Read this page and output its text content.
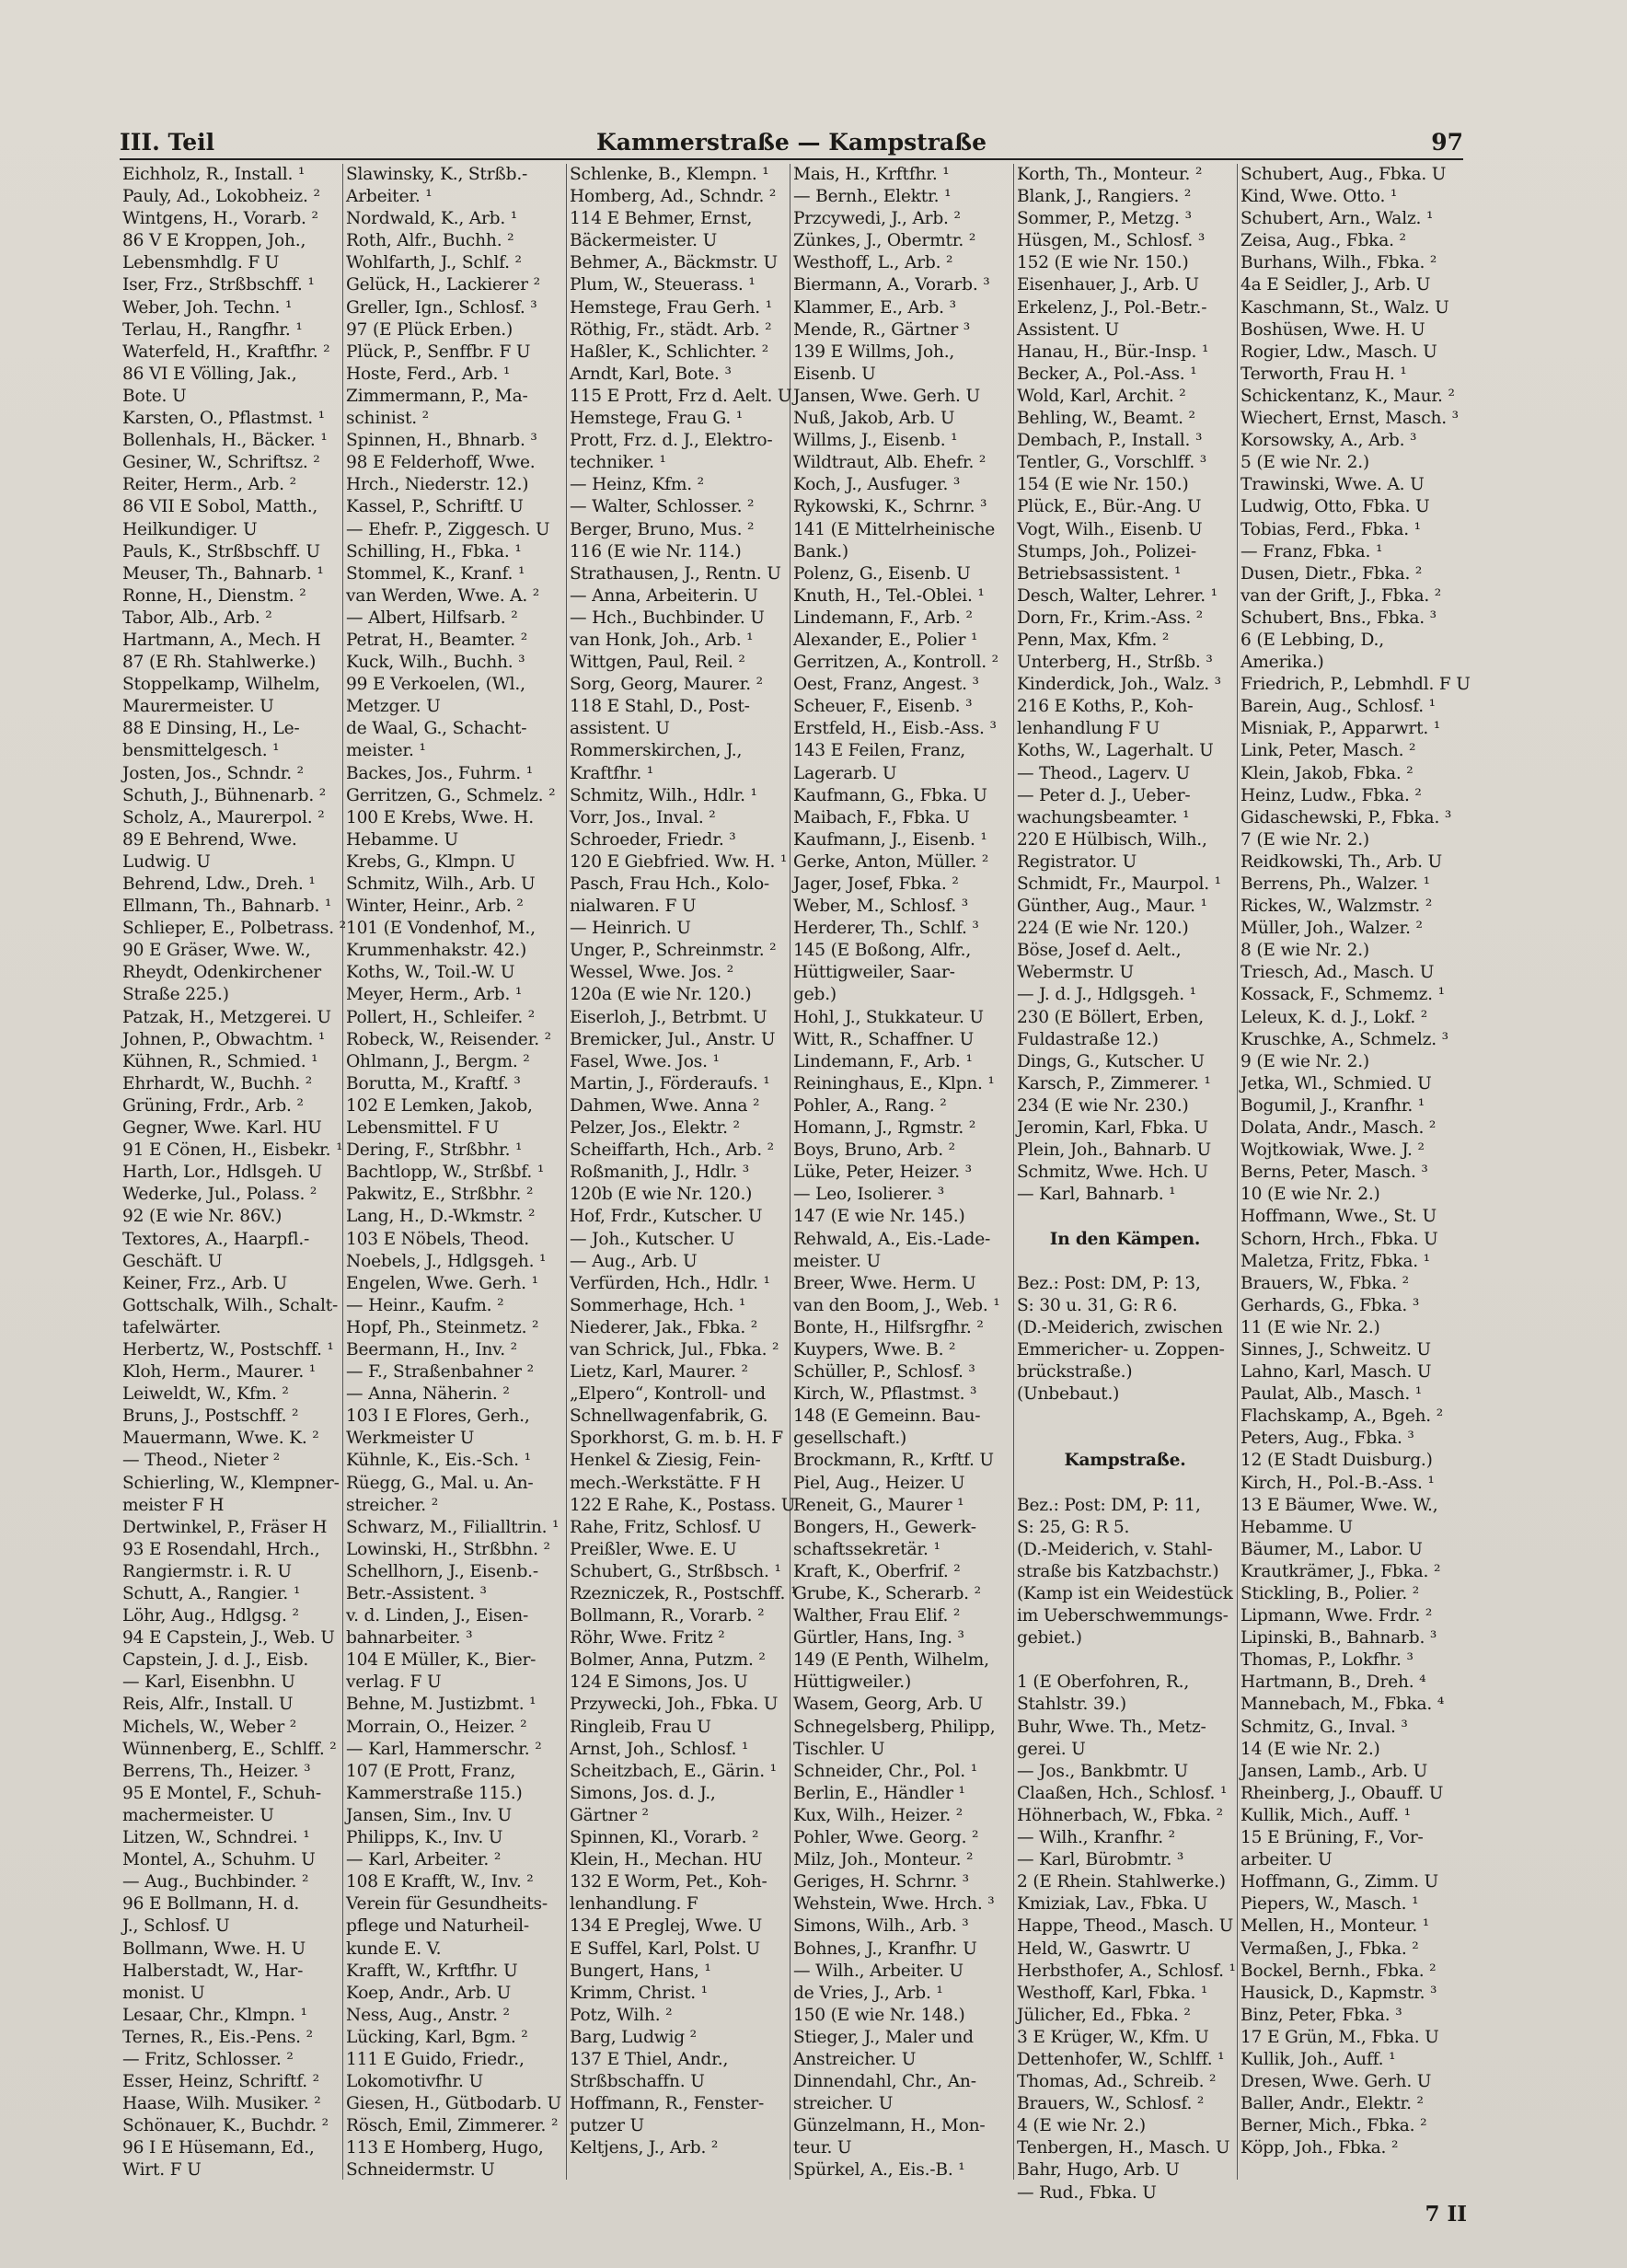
III. Teil	Kammerstraße — Kampstraße	97
Eichholz, R., Install. ¹
Pauly, Ad., Lokobheiz. ²
Wintgens, H., Vorarb. ²
86 V E Kroppen, Joh.,
Lebensmhdlg. F U
Iser, Frz., Strßbschff. ¹
Weber, Joh. Techn. ¹
Terlau, H., Rangfhr. ¹
Waterfeld, H., Kraftfhr. ²
86 VI E Völling, Jak.,
Bote. U
Karsten, O., Pflastmst. ¹
Bollenhals, H., Bäcker. ¹
Gesiner, W., Schriftsz. ²
Reiter, Herm., Arb. ²
86 VII E Sobol, Matth.,
Heilkundiger. U
Pauls, K., Strßbschff. U
Meuser, Th., Bahnarb. ¹
Ronne, H., Dienstm. ²
Tabor, Alb., Arb. ²
Hartmann, A., Mech. H
87 (E Rh. Stahlwerke.)
Stoppelkamp, Wilhelm,
Maurermeister. U
88 E Dinsing, H., Le-
bensmittelgesch. ¹
Josten, Jos., Schndr. ²
Schuth, J., Bühnenarb. ²
Scholz, A., Maurerpol. ²
89 E Behrend, Wwe.
Ludwig. U
Behrend, Ldw., Dreh. ¹
Ellmann, Th., Bahnarb. ¹
Schlieper, E., Polbetrass. ²
90 E Gräser, Wwe. W.,
Rheydt, Odenkirchener
Straße 225.)
Patzak, H., Metzgerei. U
Johnen, P., Obwachtm. ¹
Kühnen, R., Schmied. ¹
Ehrhardt, W., Buchh. ²
Grüning, Frdr., Arb. ²
Gegner, Wwe. Karl. HU
91 E Cönen, H., Eisbekr. ¹
Harth, Lor., Hdlsgeh. U
Wederke, Jul., Polass. ²
92 (E wie Nr. 86V.)
Textores, A., Haarpfl.-
Geschäft. U
Keiner, Frz., Arb. U
Gottschalk, Wilh., Schalt-
tafelwärter.
Herbertz, W., Postschff. ¹
Kloh, Herm., Maurer. ¹
Leiweldt, W., Kfm. ²
Bruns, J., Postschff. ²
Mauermann, Wwe. K. ²
— Theod., Nieter ²
Schierling, W., Klempner-
meister F H
Dertwinkel, P., Fräser H
93 E Rosendahl, Hrch.,
Rangiermstr. i. R. U
Schutt, A., Rangier. ¹
Löhr, Aug., Hdlgsg. ²
94 E Capstein, J., Web. U
Capstein, J. d. J., Eisb.
— Karl, Eisenbhn. U
Reis, Alfr., Install. U
Michels, W., Weber ²
Wünnenberg, E., Schlff. ²
Berrens, Th., Heizer. ³
95 E Montel, F., Schuh-
machermeister. U
Litzen, W., Schndrei. ¹
Montel, A., Schuhm. U
— Aug., Buchbinder. ²
96 E Bollmann, H. d.
J., Schlosf. U
Bollmann, Wwe. H. U
Halberstadt, W., Har-
monist. U
Lesaar, Chr., Klmpn. ¹
Ternes, R., Eis.-Pens. ²
— Fritz, Schlosser. ²
Esser, Heinz, Schriftf. ²
Haase, Wilh. Musiker. ²
Schönauer, K., Buchdr. ²
96 I E Hüsemann, Ed.,
Wirt. F U
Slawinsky, K., Strßb.-
Arbeiter. ¹
Nordwald, K., Arb. ¹
Roth, Alfr., Buchh. ²
Wohlfarth, J., Schlf. ²
Gelück, H., Lackierer ²
Greller, Ign., Schlosf. ³
97 (E Plück Erben.)
Plück, P., Senffbr. F U
Hoste, Ferd., Arb. ¹
Zimmermann, P., Ma-
schinist. ²
Spinnen, H., Bhnarb. ³
98 E Felderhoff, Wwe.
Hrch., Niederstr. 12.)
Kassel, P., Schriftf. U
— Ehefr. P., Ziggesch. U
Schilling, H., Fbka. ¹
Stommel, K., Kranf. ¹
van Werden, Wwe. A. ²
— Albert, Hilfsarb. ²
Petrat, H., Beamter. ²
Kuck, Wilh., Buchh. ³
99 E Verkoelen, (Wl.,
Metzger. U
de Waal, G., Schacht-
meister. ¹
Backes, Jos., Fuhrm. ¹
Gerritzen, G., Schmelz. ²
100 E Krebs, Wwe. H.
Hebamme. U
Krebs, G., Klmpn. U
Schmitz, Wilh., Arb. U
Winter, Heinr., Arb. ²
101 (E Vondenhof, M.,
Krummenhakstr. 42.)
Koths, W., Toil.-W. U
Meyer, Herm., Arb. ¹
Pollert, H., Schleifer. ²
Robeck, W., Reisender. ²
Ohlmann, J., Bergm. ²
Borutta, M., Kraftf. ³
102 E Lemken, Jakob,
Lebensmittel. F U
Dering, F., Strßbhr. ¹
Bachtlopp, W., Strßbf. ¹
Pakwitz, E., Strßbhr. ²
Lang, H., D.-Wkmstr. ²
103 E Nöbels, Theod.
Noebels, J., Hdlgsgeh. ¹
Engelen, Wwe. Gerh. ¹
— Heinr., Kaufm. ²
Hopf, Ph., Steinmetz. ²
Beermann, H., Inv. ²
— F., Straßenbahner ²
— Anna, Näherin. ²
103 I E Flores, Gerh.,
Werkmeister U
Kühnle, K., Eis.-Sch. ¹
Rüegg, G., Mal. u. An-
streicher. ²
Schwarz, M., Filialltrin. ¹
Lowinski, H., Strßbhn. ²
Schellhorn, J., Eisenb.-
Betr.-Assistent. ³
v. d. Linden, J., Eisen-
bahnarbeiter. ³
104 E Müller, K., Bier-
verlag. F U
Behne, M. Justizbmt. ¹
Morrain, O., Heizer. ²
— Karl, Hammerschr. ²
107 (E Prott, Franz,
Kammerstraße 115.)
Jansen, Sim., Inv. U
Philipps, K., Inv. U
— Karl, Arbeiter. ²
108 E Krafft, W., Inv. ²
Verein für Gesundheits-
pflege und Naturheil-
kunde E. V.
Krafft, W., Krftfhr. U
Koep, Andr., Arb. U
Ness, Aug., Anstr. ²
Lücking, Karl, Bgm. ²
111 E Guido, Friedr.,
Lokomotivfhr. U
Giesen, H., Gütbodarb. U
Rösch, Emil, Zimmerer. ²
113 E Homberg, Hugo,
Schneidermstr. U
Schlenke, B., Klempn. ¹
Homberg, Ad., Schndr. ²
114 E Behmer, Ernst,
Bäckermeister. U
Behmer, A., Bäckmstr. U
Plum, W., Steuerass. ¹
Hemstege, Frau Gerh. ¹
Röthig, Fr., städt. Arb. ²
Haßler, K., Schlichter. ²
Arndt, Karl, Bote. ³
115 E Prott, Frz d. Aelt. U
Hemstege, Frau G. ¹
Prott, Frz. d. J., Elektro-
techniker. ¹
— Heinz, Kfm. ²
— Walter, Schlosser. ²
Berger, Bruno, Mus. ²
116 (E wie Nr. 114.)
Strathausen, J., Rentn. U
— Anna, Arbeiterin. U
— Hch., Buchbinder. U
van Honk, Joh., Arb. ¹
Wittgen, Paul, Reil. ²
Sorg, Georg, Maurer. ²
118 E Stahl, D., Post-
assistent. U
Rommerskirchen, J.,
Kraftfhr. ¹
Schmitz, Wilh., Hdlr. ¹
Vorr, Jos., Inval. ²
Schroeder, Friedr. ³
120 E Giebfried. Ww. H. ¹
Pasch, Frau Hch., Kolo-
nialwaren. F U
— Heinrich. U
Unger, P., Schreinmstr. ²
Wessel, Wwe. Jos. ²
120a (E wie Nr. 120.)
Eiserloh, J., Betrbmt. U
Bremicker, Jul., Anstr. U
Fasel, Wwe. Jos. ¹
Martin, J., Förderaufs. ¹
Dahmen, Wwe. Anna ²
Pelzer, Jos., Elektr. ²
Scheiffarth, Hch., Arb. ²
Roßmanith, J., Hdlr. ³
120b (E wie Nr. 120.)
Hof, Frdr., Kutscher. U
— Joh., Kutscher. U
— Aug., Arb. U
Verfürden, Hch., Hdlr. ¹
Sommerhage, Hch. ¹
Niederer, Jak., Fbka. ²
van Schrick, Jul., Fbka. ²
Lietz, Karl, Maurer. ²
„Elpero“, Kontroll- und
Schnellwagenfabrik, G.
Sporkhorst, G. m. b. H. F
Henkel & Ziesig, Fein-
mech.-Werkstätte. F H
122 E Rahe, K., Postass. U
Rahe, Fritz, Schlosf. U
Preißler, Wwe. E. U
Schubert, G., Strßbsch. ¹
Rzezniczek, R., Postschff. ¹
Bollmann, R., Vorarb. ²
Röhr, Wwe. Fritz ²
Bolmer, Anna, Putzm. ²
124 E Simons, Jos. U
Przywecki, Joh., Fbka. U
Ringleib, Frau U
Arnst, Joh., Schlosf. ¹
Scheitzbach, E., Gärin. ¹
Simons, Jos. d. J.,
Gärtner ²
Spinnen, Kl., Vorarb. ²
Klein, H., Mechan. HU
132 E Worm, Pet., Koh-
lenhandlung. F
134 E Preglej, Wwe. U
E Suffel, Karl, Polst. U
Bungert, Hans, ¹
Krimm, Christ. ¹
Potz, Wilh. ²
Barg, Ludwig ²
137 E Thiel, Andr.,
Strßbschaffn. U
Hoffmann, R., Fenster-
putzer U
Keltjens, J., Arb. ²
Mais, H., Krftfhr. ¹
— Bernh., Elektr. ¹
Przcywedi, J., Arb. ²
Zünkes, J., Obermtr. ²
Westhoff, L., Arb. ²
Biermann, A., Vorarb. ³
Klammer, E., Arb. ³
Mende, R., Gärtner ³
139 E Willms, Joh.,
Eisenb. U
Jansen, Wwe. Gerh. U
Nuß, Jakob, Arb. U
Willms, J., Eisenb. ¹
Wildtraut, Alb. Ehefr. ²
Koch, J., Ausfuger. ³
Rykowski, K., Schrnr. ³
141 (E Mittelrheinische
Bank.)
Polenz, G., Eisenb. U
Knuth, H., Tel.-Oblei. ¹
Lindemann, F., Arb. ²
Alexander, E., Polier ¹
Gerritzen, A., Kontroll. ²
Oest, Franz, Angest. ³
Scheuer, F., Eisenb. ³
Erstfeld, H., Eisb.-Ass. ³
143 E Feilen, Franz,
Lagerarb. U
Kaufmann, G., Fbka. U
Maibach, F., Fbka. U
Kaufmann, J., Eisenb. ¹
Gerke, Anton, Müller. ²
Jager, Josef, Fbka. ²
Weber, M., Schlosf. ³
Herderer, Th., Schlf. ³
145 (E Boßong, Alfr.,
Hüttigweiler, Saar-
geb.)
Hohl, J., Stukkateur. U
Witt, R., Schaffner. U
Lindemann, F., Arb. ¹
Reininghaus, E., Klpn. ¹
Pohler, A., Rang. ²
Homann, J., Rgmstr. ²
Boys, Bruno, Arb. ²
Lüke, Peter, Heizer. ³
— Leo, Isolierer. ³
147 (E wie Nr. 145.)
Rehwald, A., Eis.-Lade-
meister. U
Breer, Wwe. Herm. U
van den Boom, J., Web. ¹
Bonte, H., Hilfsrgfhr. ²
Kuypers, Wwe. B. ²
Schüller, P., Schlosf. ³
Kirch, W., Pflastmst. ³
148 (E Gemeinn. Bau-
gesellschaft.)
Brockmann, R., Krftf. U
Piel, Aug., Heizer. U
Reneit, G., Maurer ¹
Bongers, H., Gewerk-
schaftssekretär. ¹
Kraft, K., Oberfrif. ²
Grube, K., Scherarb. ²
Walther, Frau Elif. ²
Gürtler, Hans, Ing. ³
149 (E Penth, Wilhelm,
Hüttigweiler.)
Wasem, Georg, Arb. U
Schnegelsberg, Philipp,
Tischler. U
Schneider, Chr., Pol. ¹
Berlin, E., Händler ¹
Kux, Wilh., Heizer. ²
Pohler, Wwe. Georg. ²
Milz, Joh., Monteur. ²
Geriges, H. Schrnr. ³
Wehstein, Wwe. Hrch. ³
Simons, Wilh., Arb. ³
Bohnes, J., Kranfhr. U
— Wilh., Arbeiter. U
de Vries, J., Arb. ¹
150 (E wie Nr. 148.)
Stieger, J., Maler und
Anstreicher. U
Dinnendahl, Chr., An-
streicher. U
Günzelmann, H., Mon-
teur. U
Spürkel, A., Eis.-B. ¹
Korth, Th., Monteur. ²
Blank, J., Rangiers. ²
Sommer, P., Metzg. ³
Hüsgen, M., Schlosf. ³
152 (E wie Nr. 150.)
Eisenhauer, J., Arb. U
Erkelenz, J., Pol.-Betr.-
Assistent. U
Hanau, H., Bür.-Insp. ¹
Becker, A., Pol.-Ass. ¹
Wold, Karl, Archit. ²
Behling, W., Beamt. ²
Dembach, P., Install. ³
Tentler, G., Vorschlff. ³
154 (E wie Nr. 150.)
Plück, E., Bür.-Ang. U
Vogt, Wilh., Eisenb. U
Stumps, Joh., Polizei-
Betriebsassistent. ¹
Desch, Walter, Lehrer. ¹
Dorn, Fr., Krim.-Ass. ²
Penn, Max, Kfm. ²
Unterberg, H., Strßb. ³
Kinderdick, Joh., Walz. ³
216 E Koths, P., Koh-
lenhandlung F U
Koths, W., Lagerhalt. U
— Theod., Lagerv. U
— Peter d. J., Ueber-
wachungsbeamter. ¹
220 E Hülbisch, Wilh.,
Registrator. U
Schmidt, Fr., Maurpol. ¹
Günther, Aug., Maur. ¹
224 (E wie Nr. 120.)
Böse, Josef d. Aelt.,
Webermstr. U
— J. d. J., Hdlgsgeh. ¹
230 (E Böllert, Erben,
Fuldastraße 12.)
Dings, G., Kutscher. U
Karsch, P., Zimmerer. ¹
234 (E wie Nr. 230.)
Jeromin, Karl, Fbka. U
Plein, Joh., Bahnarb. U
Schmitz, Wwe. Hch. U
— Karl, Bahnarb. ¹
In den Kämpen.
Bez.: Post: DM, P: 13,
S: 30 u. 31, G: R 6.
(D.-Meiderich, zwischen
Emmericher- u. Zoppen-
brückstraße.)
(Unbebaut.)
Kampstraße.
Bez.: Post: DM, P: 11,
S: 25, G: R 5.
(D.-Meiderich, v. Stahl-
straße bis Katzbachstr.)
(Kamp ist ein Weidestück
im Ueberschwemmungs-
gebiet.)
1 (E Oberfohren, R.,
Stahlstr. 39.)
Buhr, Wwe. Th., Metz-
gerei. U
— Jos., Bankbmtr. U
Claaßen, Hch., Schlosf. ¹
Höhnerbach, W., Fbka. ²
— Wilh., Kranfhr. ²
— Karl, Bürobmtr. ³
2 (E Rhein. Stahlwerke.)
Kmiziak, Lav., Fbka. U
Happe, Theod., Masch. U
Held, W., Gaswrtr. U
Herbsthofer, A., Schlosf. ¹
Westhoff, Karl, Fbka. ¹
Jülicher, Ed., Fbka. ²
3 E Krüger, W., Kfm. U
Dettenhofer, W., Schlff. ¹
Thomas, Ad., Schreib. ²
Brauers, W., Schlosf. ²
4 (E wie Nr. 2.)
Tenbergen, H., Masch. U
Bahr, Hugo, Arb. U
— Rud., Fbka. U
Schubert, Aug., Fbka. U
Kind, Wwe. Otto. ¹
Schubert, Arn., Walz. ¹
Zeisa, Aug., Fbka. ²
Burhans, Wilh., Fbka. ²
4a E Seidler, J., Arb. U
Kaschmann, St., Walz. U
Boshüsen, Wwe. H. U
Rogier, Ldw., Masch. U
Terworth, Frau H. ¹
Schickentanz, K., Maur. ²
Wiechert, Ernst, Masch. ³
Korsowsky, A., Arb. ³
5 (E wie Nr. 2.)
Trawinski, Wwe. A. U
Ludwig, Otto, Fbka. U
Tobias, Ferd., Fbka. ¹
— Franz, Fbka. ¹
Dusen, Dietr., Fbka. ²
van der Grift, J., Fbka. ²
Schubert, Bns., Fbka. ³
6 (E Lebbing, D.,
Amerika.)
Friedrich, P., Lebmhdl. F U
Barein, Aug., Schlosf. ¹
Misniak, P., Apparwrt. ¹
Link, Peter, Masch. ²
Klein, Jakob, Fbka. ²
Heinz, Ludw., Fbka. ²
Gidaschewski, P., Fbka. ³
7 (E wie Nr. 2.)
Reidkowski, Th., Arb. U
Berrens, Ph., Walzer. ¹
Rickes, W., Walzmstr. ²
Müller, Joh., Walzer. ²
8 (E wie Nr. 2.)
Triesch, Ad., Masch. U
Kossack, F., Schmemz. ¹
Leleux, K. d. J., Lokf. ²
Kruschke, A., Schmelz. ³
9 (E wie Nr. 2.)
Jetka, Wl., Schmied. U
Bogumil, J., Kranfhr. ¹
Dolata, Andr., Masch. ²
Wojtkowiak, Wwe. J. ²
Berns, Peter, Masch. ³
10 (E wie Nr. 2.)
Hoffmann, Wwe., St. U
Schorn, Hrch., Fbka. U
Maletza, Fritz, Fbka. ¹
Brauers, W., Fbka. ²
Gerhards, G., Fbka. ³
11 (E wie Nr. 2.)
Sinnes, J., Schweitz. U
Lahno, Karl, Masch. U
Paulat, Alb., Masch. ¹
Flachskamp, A., Bgeh. ²
Peters, Aug., Fbka. ³
12 (E Stadt Duisburg.)
Kirch, H., Pol.-B.-Ass. ¹
13 E Bäumer, Wwe. W.,
Hebamme. U
Bäumer, M., Labor. U
Krautkrämer, J., Fbka. ²
Stickling, B., Polier. ²
Lipmann, Wwe. Frdr. ²
Lipinski, B., Bahnarb. ³
Thomas, P., Lokfhr. ³
Hartmann, B., Dreh. ⁴
Mannebach, M., Fbka. ⁴
Schmitz, G., Inval. ³
14 (E wie Nr. 2.)
Jansen, Lamb., Arb. U
Rheinberg, J., Obauff. U
Kullik, Mich., Auff. ¹
15 E Brüning, F., Vor-
arbeiter. U
Hoffmann, G., Zimm. U
Piepers, W., Masch. ¹
Mellen, H., Monteur. ¹
Vermaßen, J., Fbka. ²
Bockel, Bernh., Fbka. ²
Hausick, D., Kapmstr. ³
Binz, Peter, Fbka. ³
17 E Grün, M., Fbka. U
Kullik, Joh., Auff. ¹
Dresen, Wwe. Gerh. U
Baller, Andr., Elektr. ²
Berner, Mich., Fbka. ²
Köpp, Joh., Fbka. ²
7 II
